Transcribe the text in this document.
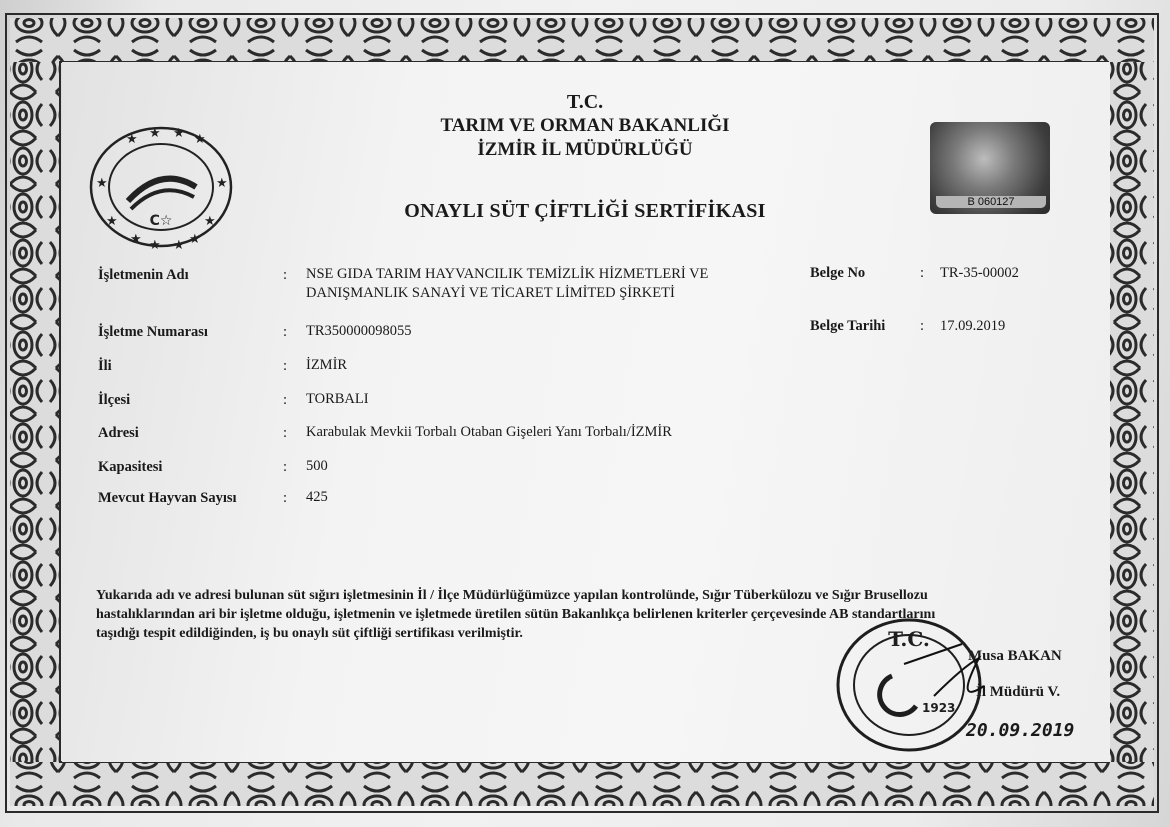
★ ★ ★ ★
★	★
★	★
★ ★ ★ ★
C☆
B 060127
T.C.
TARIM VE ORMAN BAKANLIĞI
İZMİR İL MÜDÜRLÜĞÜ
ONAYLI SÜT ÇİFTLİĞİ SERTİFİKASI
İşletmenin Adı	: NSE GIDA TARIM HAYVANCILIK TEMİZLİK HİZMETLERİ VE
DANIŞMANLIK SANAYİ VE TİCARET LİMİTED ŞİRKETİ
İşletme Numarası	: TR350000098055
İli	: İZMİR
İlçesi	: TORBALI
Adresi	: Karabulak Mevkii Torbalı Otaban Gişeleri Yanı Torbalı/İZMİR
Kapasitesi	: 500
Mevcut Hayvan Sayısı	: 425
Belge No	: TR-35-00002
Belge Tarihi : 17.09.2019
Yukarıda adı ve adresi bulunan süt sığırı işletmesinin İl / İlçe Müdürlüğümüzce yapılan kontrolünde, Sığır Tüberkülozu ve Sığır Brusellozu
hastalıklarından ari bir işletme olduğu, işletmenin ve işletmede üretilen sütün Bakanlıkça belirlenen kriterler çerçevesinde AB standartlarını
taşıdığı tespit edildiğinden, iş bu onaylı süt çiftliği sertifikası verilmiştir.
Musa BAKAN
İl Müdürü V.
20.09.2019
T.C.
1923
